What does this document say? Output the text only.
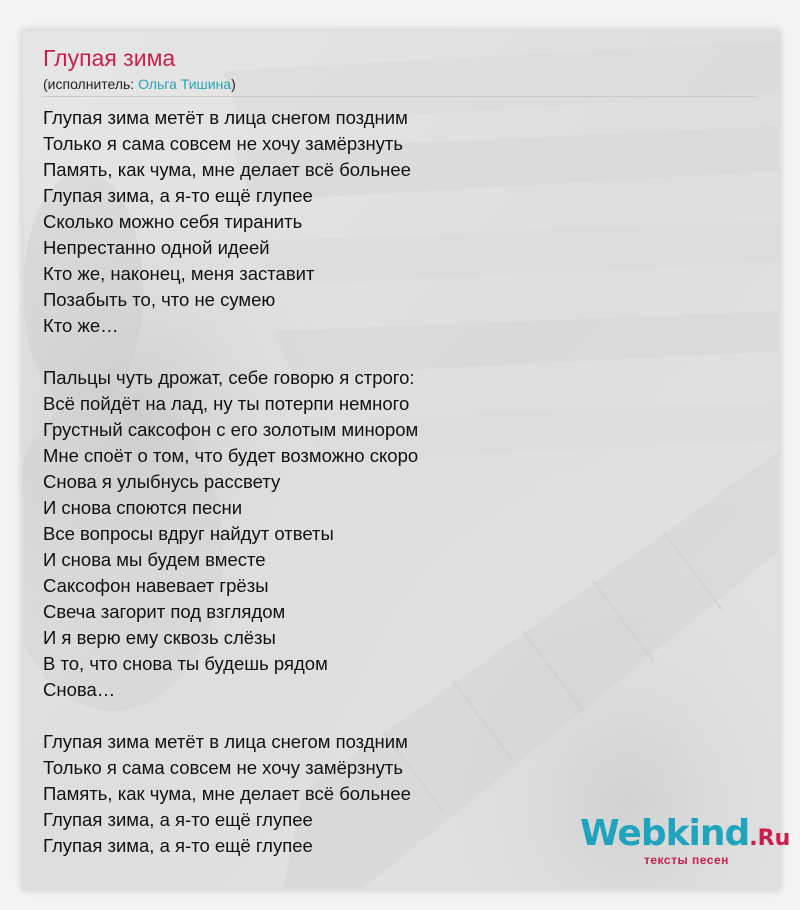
Глупая зима
(исполнитель: Ольга Тишина)
Глупая зима метёт в лица снегом поздним
Только я сама совсем не хочу замёрзнуть
Память, как чума, мне делает всё больнее
Глупая зима, а я-то ещё глупее
Сколько можно себя тиранить
Непрестанно одной идеей
Кто же, наконец, меня заставит
Позабыть то, что не сумею
Кто же…
Пальцы чуть дрожат, себе говорю я строго:
Всё пойдёт на лад, ну ты потерпи немного
Грустный саксофон с его золотым минором
Мне споёт о том, что будет возможно скоро
Снова я улыбнусь рассвету
И снова споются песни
Все вопросы вдруг найдут ответы
И снова мы будем вместе
Саксофон навевает грёзы
Свеча загорит под взглядом
И я верю ему сквозь слёзы
В то, что снова ты будешь рядом
Снова…
Глупая зима метёт в лица снегом поздним
Только я сама совсем не хочу замёрзнуть
Память, как чума, мне делает всё больнее
Глупая зима, а я-то ещё глупее
Глупая зима, а я-то ещё глупее	Webkind.Ru
тексты песен
